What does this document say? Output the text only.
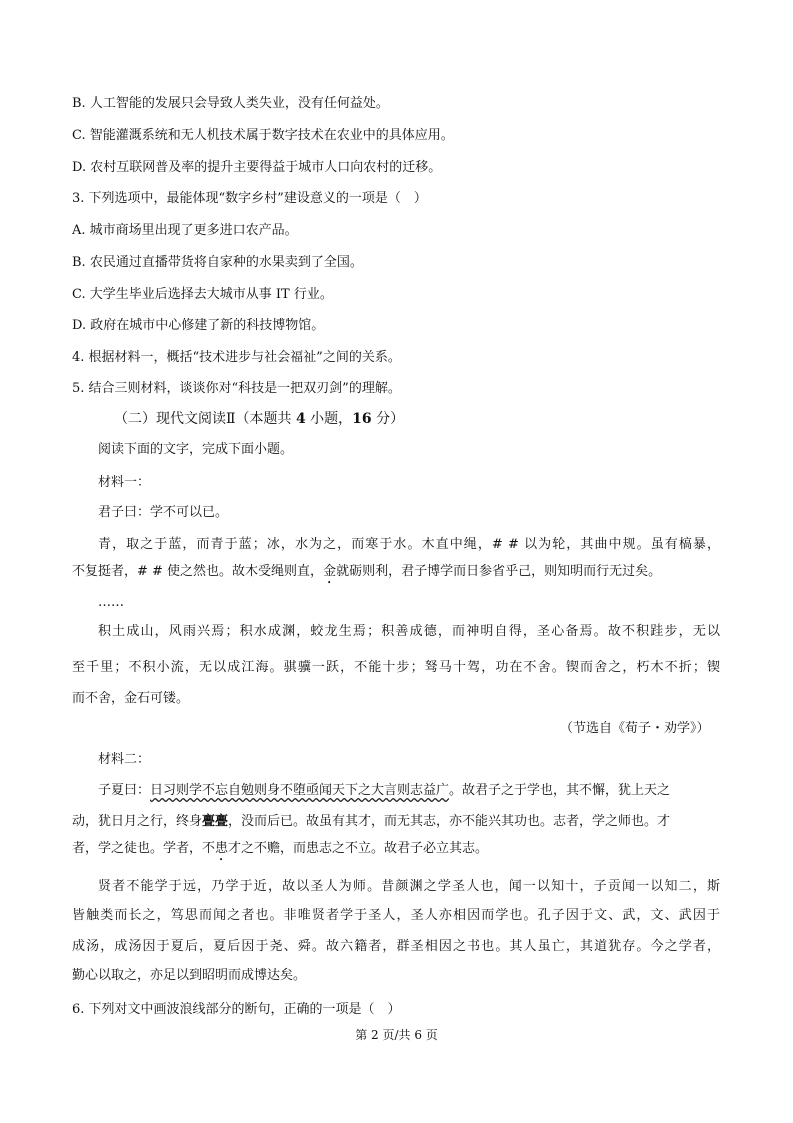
B. 人工智能的发展只会导致人类失业，没有任何益处。
C. 智能灌溉系统和无人机技术属于数字技术在农业中的具体应用。
D. 农村互联网普及率的提升主要得益于城市人口向农村的迁移。
3. 下列选项中，最能体现“数字乡村”建设意义的一项是（　）
A. 城市商场里出现了更多进口农产品。
B. 农民通过直播带货将自家种的水果卖到了全国。
C. 大学生毕业后选择去大城市从事 IT 行业。
D. 政府在城市中心修建了新的科技博物馆。
4. 根据材料一，概括“技术进步与社会福祉”之间的关系。
5. 结合三则材料，谈谈你对“科技是一把双刃剑”的理解。
（二）现代文阅读Ⅱ（本题共 4 小题，16 分）
阅读下面的文字，完成下面小题。
材料一：
君子曰：学不可以已。
青，取之于蓝，而青于蓝；冰，水为之，而寒于水。木直中绳，# # 以为轮，其曲中规。虽有槁暴，
不复挺者，# # 使之然也。故木受绳则直，金就砺则利，君子博学而日参省乎己，则知明而行无过矣。
……
积土成山，风雨兴焉；积水成渊，蛟龙生焉；积善成德，而神明自得，圣心备焉。故不积跬步，无以
至千里；不积小流，无以成江海。骐骥一跃，不能十步；驽马十驾，功在不舍。锲而舍之，朽木不折；锲
而不舍，金石可镂。
（节选自《荀子・劝学》）
材料二：
子夏曰：日习则学不忘自勉则身不堕亟闻天下之大言则志益广。故君子之于学也，其不懈，犹上天之
动，犹日月之行，终身亹亹，没而后已。故虽有其才，而无其志，亦不能兴其功也。志者，学之师也。才
者，学之徒也。学者，不患才之不赡，而患志之不立。故君子必立其志。
贤者不能学于远，乃学于近，故以圣人为师。昔颜渊之学圣人也，闻一以知十，子贡闻一以知二，斯
皆触类而长之，笃思而闻之者也。非唯贤者学于圣人，圣人亦相因而学也。孔子因于文、武，文、武因于
成汤，成汤因于夏后，夏后因于尧、舜。故六籍者，群圣相因之书也。其人虽亡，其道犹存。今之学者，
勤心以取之，亦足以到昭明而成博达矣。
6. 下列对文中画波浪线部分的断句，正确的一项是（　）
第 2 页/共 6 页
